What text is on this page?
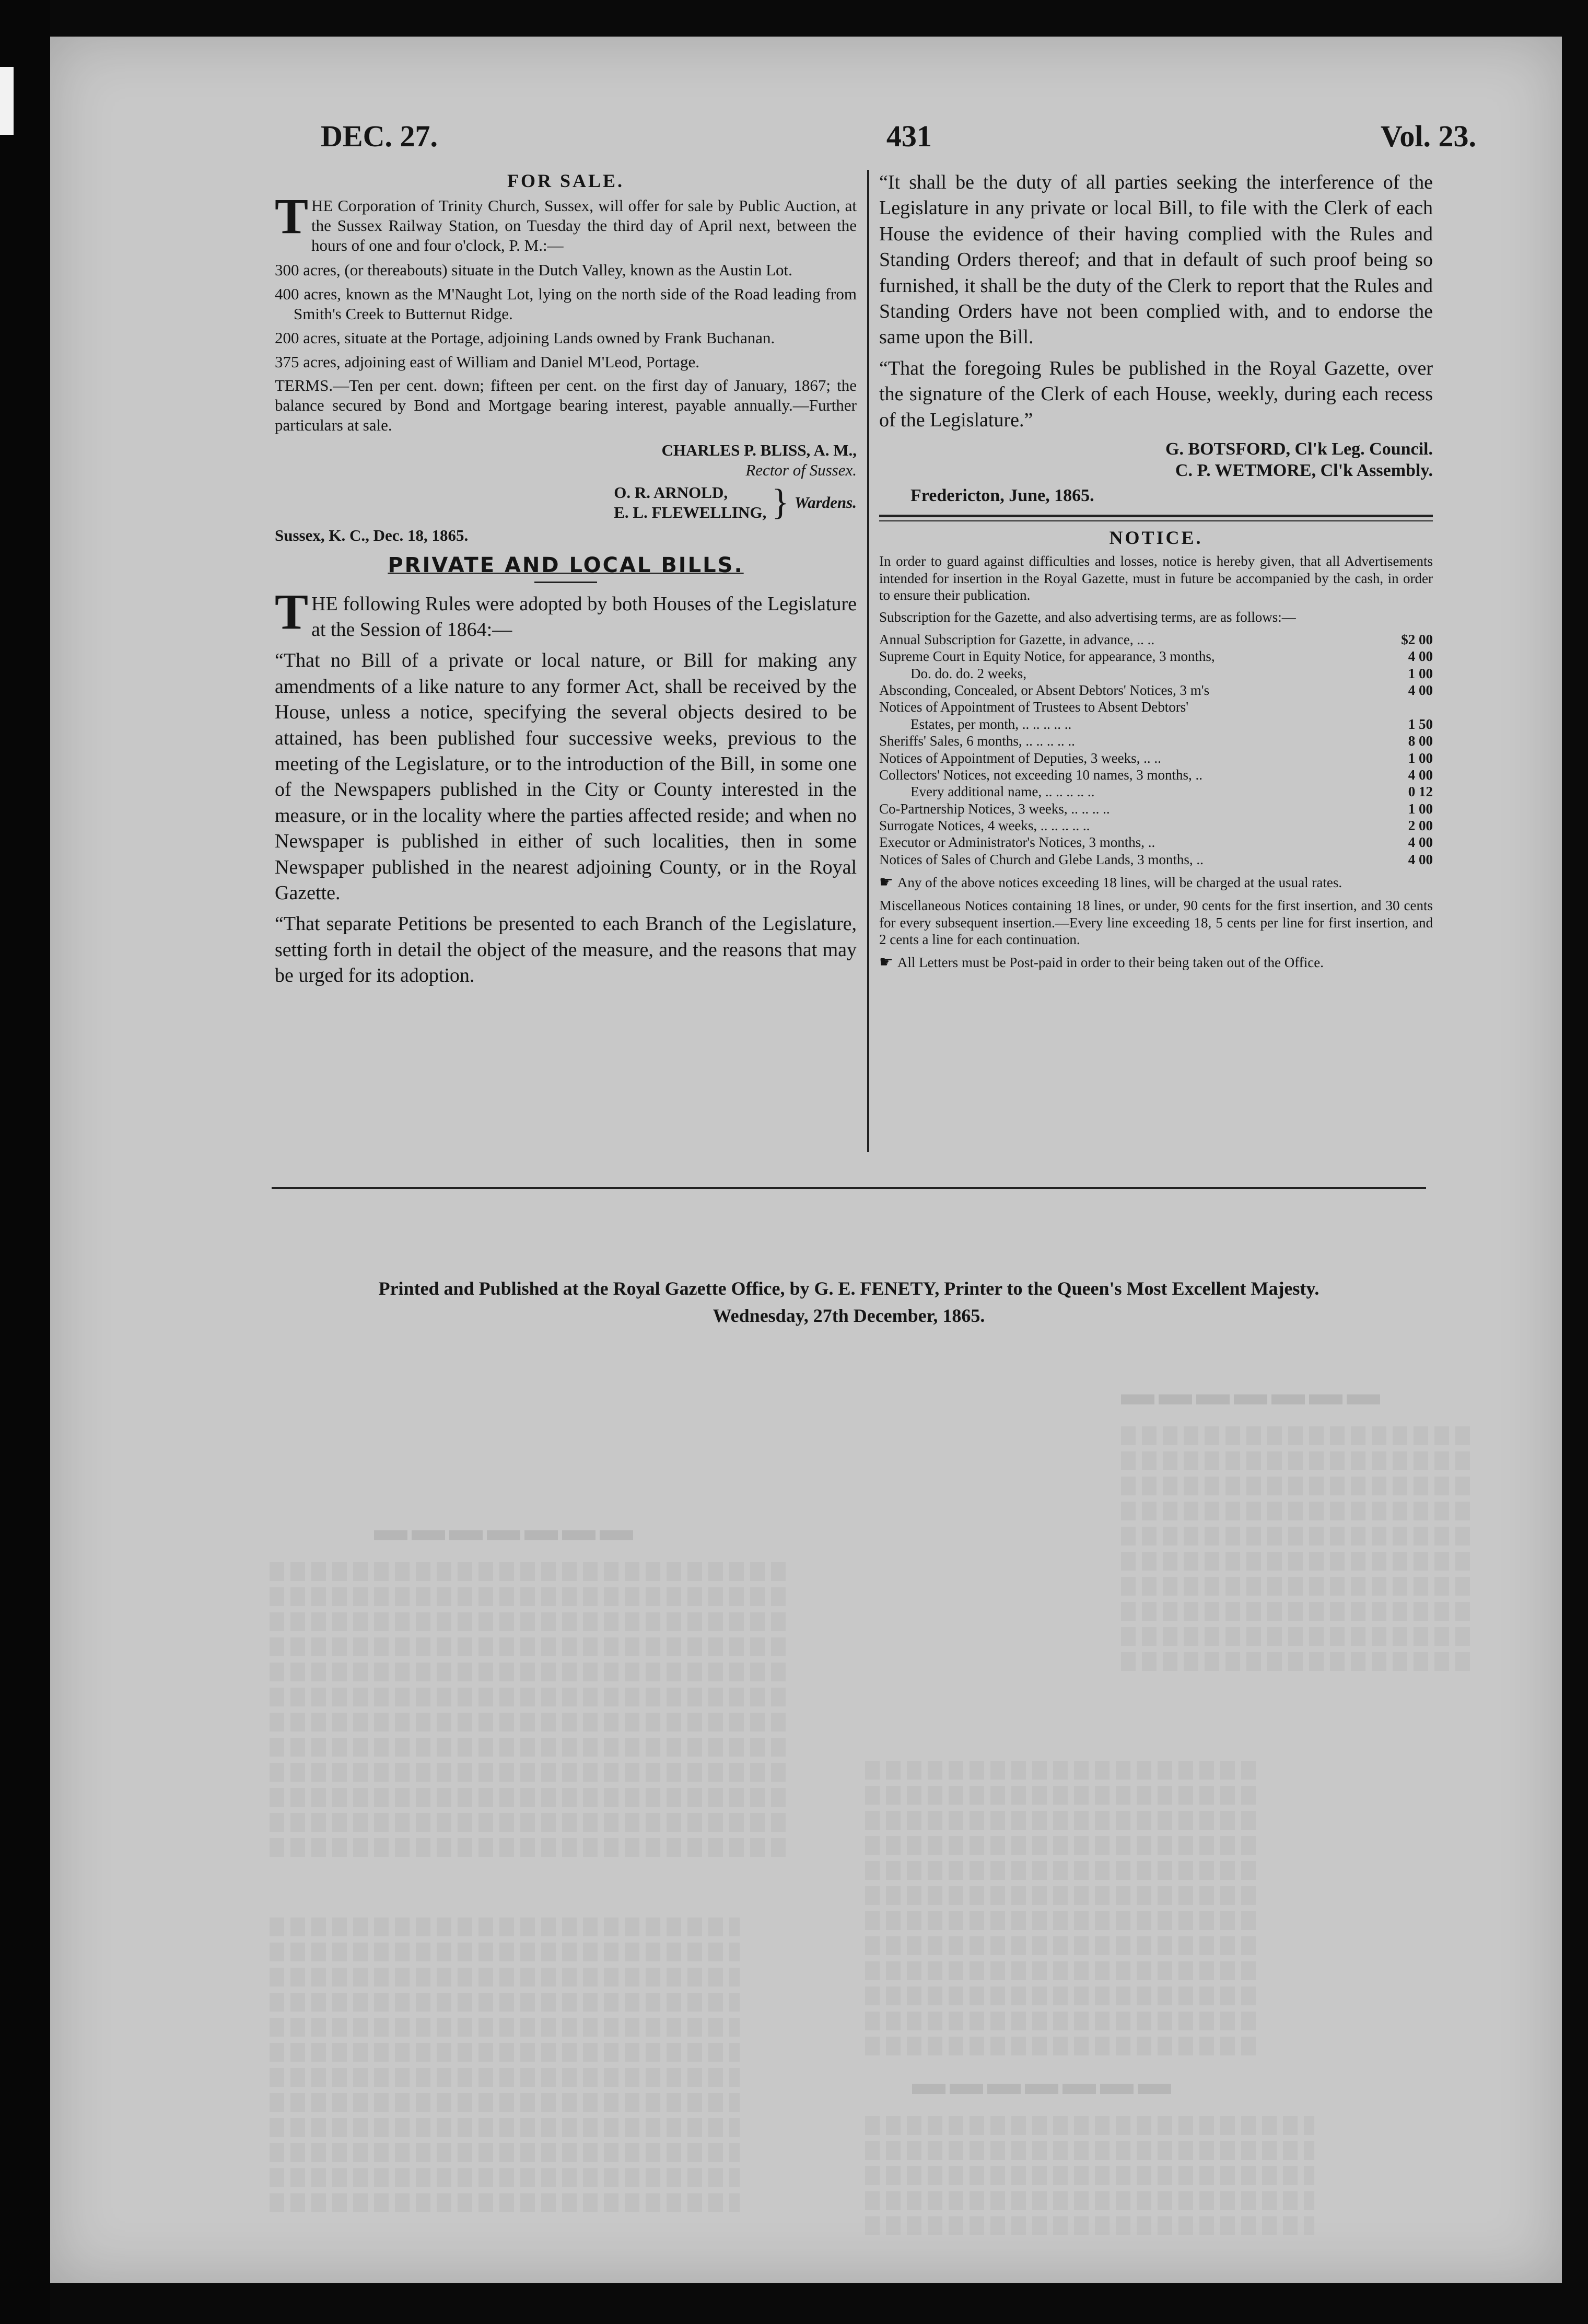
▬▬▬▬▬▬▬
▬▬▬▬▬▬▬
▬▬▬▬▬▬▬
DEC. 27.	431	Vol. 23.
FOR SALE.

THE Corporation of Trinity Church, Sussex, will offer for sale by Public Auction, at the Sussex Railway Station, on Tuesday the third day of April next, between the hours of one and four o'clock, P. M.:—

300 acres, (or thereabouts) situate in the Dutch Valley, known as the Austin Lot.

400 acres, known as the M'Naught Lot, lying on the north side of the Road leading from Smith's Creek to Butternut Ridge.

200 acres, situate at the Portage, adjoining Lands owned by Frank Buchanan.

375 acres, adjoining east of William and Daniel M'Leod, Portage.

TERMS.—Ten per cent. down; fifteen per cent. on the first day of January, 1867; the balance secured by Bond and Mortgage bearing interest, payable annually.—Further particulars at sale.

CHARLES P. BLISS, A. M.,

Rector of Sussex.

O. R. ARNOLD,
E. L. FLEWELLING, } Wardens.
Sussex, K. C., Dec. 18, 1865.
PRIVATE AND LOCAL BILLS.

THE following Rules were adopted by both Houses of the Legislature at the Session of 1864:—

“That no Bill of a private or local nature, or Bill for making any amendments of a like nature to any former Act, shall be received by the House, unless a notice, specifying the several objects desired to be attained, has been published four successive weeks, previous to the meeting of the Legislature, or to the introduction of the Bill, in some one of the Newspapers published in the City or County interested in the measure, or in the locality where the parties affected reside; and when no Newspaper is published in either of such localities, then in some Newspaper published in the nearest adjoining County, or in the Royal Gazette.

“That separate Petitions be presented to each Branch of the Legislature, setting forth in detail the object of the measure, and the reasons that may be urged for its adoption.

“It shall be the duty of all parties seeking the interference of the Legislature in any private or local Bill, to file with the Clerk of each House the evidence of their having complied with the Rules and Standing Orders thereof; and that in default of such proof being so furnished, it shall be the duty of the Clerk to report that the Rules and Standing Orders have not been complied with, and to endorse the same upon the Bill.

“That the foregoing Rules be published in the Royal Gazette, over the signature of the Clerk of each House, weekly, during each recess of the Legislature.”

G. BOTSFORD, Cl'k Leg. Council.

C. P. WETMORE, Cl'k Assembly.

Fredericton, June, 1865.
NOTICE.

In order to guard against difficulties and losses, notice is hereby given, that all Advertisements intended for insertion in the Royal Gazette, must in future be accompanied by the cash, in order to ensure their publication.

Subscription for the Gazette, and also advertising terms, are as follows:—

Annual Subscription for Gazette, in advance, .. ..	$2 00
Supreme Court in Equity Notice, for appearance, 3 months,	4 00
Do. do. do. 2 weeks,	1 00
Absconding, Concealed, or Absent Debtors' Notices, 3 m's	4 00
Notices of Appointment of Trustees to Absent Debtors'	
Estates, per month, .. .. .. .. ..	1 50
Sheriffs' Sales, 6 months, .. .. .. .. ..	8 00
Notices of Appointment of Deputies, 3 weeks, .. ..	1 00
Collectors' Notices, not exceeding 10 names, 3 months, ..	4 00
Every additional name, .. .. .. .. ..	0 12
Co-Partnership Notices, 3 weeks, .. .. .. ..	1 00
Surrogate Notices, 4 weeks, .. .. .. .. ..	2 00
Executor or Administrator's Notices, 3 months, ..	4 00
Notices of Sales of Church and Glebe Lands, 3 months, ..	4 00

☛ Any of the above notices exceeding 18 lines, will be charged at the usual rates.

Miscellaneous Notices containing 18 lines, or under, 90 cents for the first insertion, and 30 cents for every subsequent insertion.—Every line exceeding 18, 5 cents per line for first insertion, and 2 cents a line for each continuation.

☛ All Letters must be Post-paid in order to their being taken out of the Office.

Printed and Published at the Royal Gazette Office, by G. E. FENETY, Printer to the Queen's Most Excellent Majesty.
Wednesday, 27th December, 1865.
